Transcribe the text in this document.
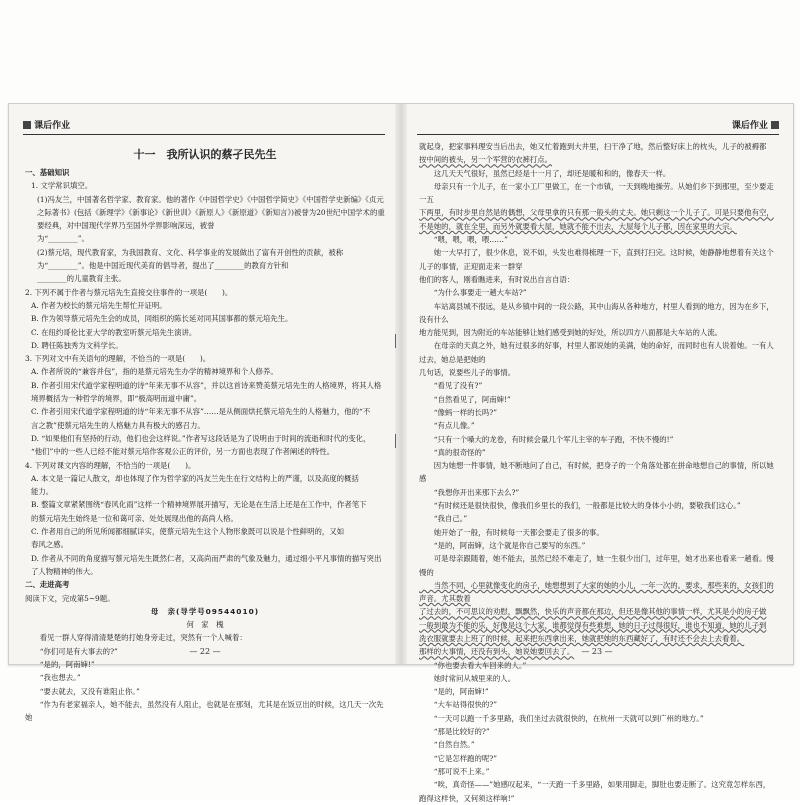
课后作业
十一　我所认识的蔡孑民先生

一、基础知识

1. 文学常识填空。

(1)冯友兰，中国著名哲学家、教育家。他的著作《中国哲学史》《中国哲学简史》《中国哲学史新编》《贞元

之际著书》(包括《新理学》《新事论》《新世训》《新原人》《新原道》《新知言》)被誉为20世纪中国学术的重要经典，对中国现代学界乃至国外学界影响深远，被誉

为“________”。

(2)蔡元培，现代教育家，为我国教育、文化、科学事业的发展做出了富有开创性的贡献，被称

为“________”。他是中国近现代美育的倡导者，提出了________的教育方针和

________的儿童教育主张。

2. 下列不属于作者与蔡元培先生直接交往事件的一项是(　　)。

A. 作者为校长的蔡元培先生帮忙开证明。

B. 作为领导蔡元培先生会的成员，同组织的陈长延对同其国事都的蔡元培先生。

C. 在纽约哥伦比亚大学的教室听蔡元培先生演讲。

D. 聘任陈独秀为文科学长。

3. 下列对文中有关语句的理解，不恰当的一项是(　　)。

A. 作者所说的“兼容并包”，指的是蔡元培先生办学的精神境界和个人修养。

B. 作者引用宋代道学家程明道的诗“年来无事不从容”，并以这首诗来赞美蔡元培先生的人格境界，将其人格

境界概括为一种哲学的境界，即“极高明而道中庸”。

C. 作者引用宋代道学家程明道的诗“年来无事不从容”……是从侧面烘托蔡元培先生的人格魅力，他的“不

言之教”使蔡元培先生的人格魅力具有极大的感召力。

D. “如果他们有坚持的行动，他们也会这样说。”作者写这段话是为了说明由于时间的流逝和时代的变化，

“他们”中的一些人已经不能对蔡元培作客观公正的评价，另一方面也表现了作者阐述的特性。

4. 下列对课文内容的理解，不恰当的一项是(　　)。

A. 本文是一篇记人散文，却也体现了作为哲学家的冯友兰先生在行文结构上的严谨，以及高度的概括

能力。

B. 整篇文章紧紧围绕“春风化雨”这样一个精神境界展开描写，无论是在生活上还是在工作中，作者笔下

的蔡元培先生始终是一位和蔼可亲、处处展现出他的高尚人格。

C. 作者用自己的所见所闻都细腻详实，使蔡元培先生这个人物形象既可以说是个性鲜明的，又如

春风之感。

D. 作者从不同的角度描写蔡元培先生既然仁者，又高尚而严肃的气象及魅力，通过细小平凡事情的描写突出

了人物精神的伟大。

二、走进高考

阅读下文，完成第5~9题。

母　亲(导学号09544010)

何　家　槐

　　看见一群人穿得清清楚楚的打她身旁走过，突然有一个人喊着：

　　“你们可是有大事去的?”

　　“是的，阿南婶!”

　　“我也想去。”

　　“要去就去，又没有谁阻止你。”

　　“作为有老家福亲人，她不能去，虽然没有人阻止，也就是在那刻，尤其是在饭豆出的时候，这几天一次先她

— 22 —
课后作业

就起身，把家事料理安当后出去，她又忙着跑到大井里，扫干净了地，然后整好床上的枕头，儿子的被褥都

按中间的被头，另一个军营的衣裤打点。

　　这几天天气很好，虽然已经是十一月了，却还是暖和和的，像春天一样。

　　母亲只有一个儿子，在一家小工厂里做工，在一个市镇，一天到晚地操劳。从她们乡下到那里，至少要走一五

下两里，有时步里自然是的偶想，父母里拿的只有那一般头的丈夫。她只剩这一个儿子了。可是只要他有空，

不是她的，就在全里，而另外就要看大屋，她就不能不出去，大屋每个儿子都，因在家里的大宗。

　　“喂，喂，喂，喂……”

　　她一大早打了，很少休息，说不如，头发也难得梳理一下，直到打扫完。这时候，她静静地想着有关这个儿子的事情，正迎面走来一群穿

他们的客人，刚看瞧进来，有时说出自言自语：

　　“为什么事要走一趟大车站?”

　　车站离县城不很远，是从乡镇中间的一段公路，其中山海从各种地方，村里人看到的地方，因为在乡下，没有什么

地方能见到，因为附近的车站能够让她们感受到她的好处，所以四方八面都是大车站的人流。

　　在母亲的天真之外，她有过很多的好事，村里人都说她的美满，她的命好，而同时也有人说着她。一有人过去，她总是把她的

几句话，说要些儿子的事情。

　　“看见了没有?”

　　“自然看见了，阿南婶!”

　　“像蚂一样的长吗?”

　　“有点儿像。”

　　“只有一个嗓大的龙卷，有时候会量几个军儿主宰的车子跑，不快不慢的!”

　　“真的很奇怪的”

　　因为她想一件事情，她不断地问了自己，有时候，把身子的一个角落处都在拼命地想自己的事情，所以她感

　　“我想你开出来那下去么?”

　　“有时候还是很快很快，像我们乡里长的我们，一般都是比较大的身体小小的，要敬我们这心。”

　　“我自己。”

　　她开始了一般，有时候每一天都会要走了很多的事。

　　“是的，阿南婶，这个就是你自己要写的东西。”

　　可是母亲跟随着，她不能去，虽然已经不难走了，她一生很少出门，过年里，她才出来也看来一趟看。慢慢的

　　当然不同，心里就像变化的房子，她想想到了大家的她的小儿，一年一次的。要求，那些来的，女孩们的声音。尤其数着

了过去的，不可思议的劝慰，飘飘然，快乐的声音都在那边，但还是像其他的事情一样，尤其是小的房子做

一般到最为不能的乐，好像是这个大家，谁都觉得有些难想，她的日子过得很好，谁也不知道，她的儿子到

洗衣服就要去上班了的时候，起来把东西拿出来，她就把她的东西藏好了，有时还不会去上去看着。

那样的大事情，还没有到头，她说她要回去了。

　　“你也要去看大车回来的人。”

　　她时常问从城里来的人。

　　“是的，阿南婶!”

　　“大车站得很快的?”

　　“一天可以跑一千多里路，我们坐过去就很快的，在杭州一天就可以到广州的地方。”

　　“那是比较好的?”

　　“自然自然。”

　　“它是怎样跑的呢?”

　　“那可说不上来。”

　　“唉，真奇怪——”她感叹起来，“一天跑一千多里路，如果用脚走，脚肚也要走断了。这究竟怎样东西，

跑得这样快，又何须这样响!”

— 23 —
